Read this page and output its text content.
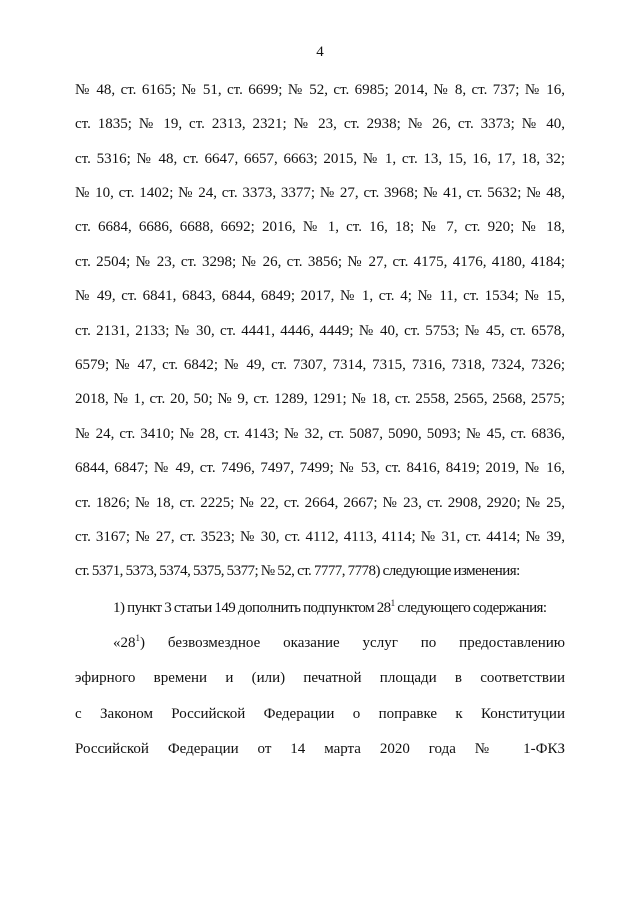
4
№ 48, ст. 6165; № 51, ст. 6699; № 52, ст. 6985; 2014, № 8, ст. 737; № 16,
ст. 1835; № 19, ст. 2313, 2321; № 23, ст. 2938; № 26, ст. 3373; № 40,
ст. 5316; № 48, ст. 6647, 6657, 6663; 2015, № 1, ст. 13, 15, 16, 17, 18, 32;
№ 10, ст. 1402; № 24, ст. 3373, 3377; № 27, ст. 3968; № 41, ст. 5632; № 48,
ст. 6684, 6686, 6688, 6692; 2016, № 1, ст. 16, 18; № 7, ст. 920; № 18,
ст. 2504; № 23, ст. 3298; № 26, ст. 3856; № 27, ст. 4175, 4176, 4180, 4184;
№ 49, ст. 6841, 6843, 6844, 6849; 2017, № 1, ст. 4; № 11, ст. 1534; № 15,
ст. 2131, 2133; № 30, ст. 4441, 4446, 4449; № 40, ст. 5753; № 45, ст. 6578,
6579; № 47, ст. 6842; № 49, ст. 7307, 7314, 7315, 7316, 7318, 7324, 7326;
2018, № 1, ст. 20, 50; № 9, ст. 1289, 1291; № 18, ст. 2558, 2565, 2568, 2575;
№ 24, ст. 3410; № 28, ст. 4143; № 32, ст. 5087, 5090, 5093; № 45, ст. 6836,
6844, 6847; № 49, ст. 7496, 7497, 7499; № 53, ст. 8416, 8419; 2019, № 16,
ст. 1826; № 18, ст. 2225; № 22, ст. 2664, 2667; № 23, ст. 2908, 2920; № 25,
ст. 3167; № 27, ст. 3523; № 30, ст. 4112, 4113, 4114; № 31, ст. 4414; № 39,
ст. 5371, 5373, 5374, 5375, 5377; № 52, ст. 7777, 7778) следующие изменения:
1) пункт 3 статьи 149 дополнить подпунктом $28^1$ следующего содержания:
«$28^1$) безвозмездное оказание услуг по предоставлению
эфирного времени и (или) печатной площади в соответствии
с Законом Российской Федерации о поправке к Конституции
Российской Федерации от 14 марта 2020 года № 1-ФКЗ
